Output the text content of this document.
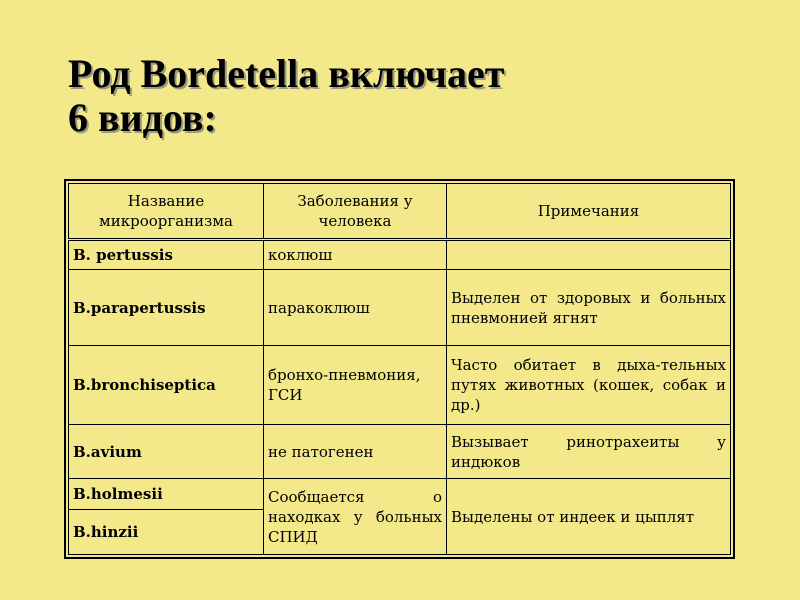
Род Bordetella включает
6 видов:
Название микроорганизма	Заболевания у человека	Примечания
B. pertussis	коклюш	
B.parapertussis	паракоклюш	Выделен от здоровых и больных пневмонией ягнят
B.bronchiseptica	бронхо-пневмония, ГСИ	Часто обитает в дыха-тельных путях животных (кошек, собак и др.)
B.avium	не патогенен	Вызывает ринотрахеиты у индюков
B.holmesii	Сообщается о находках у больных СПИД	Выделены от индеек и цыплят
B.hinzii		
